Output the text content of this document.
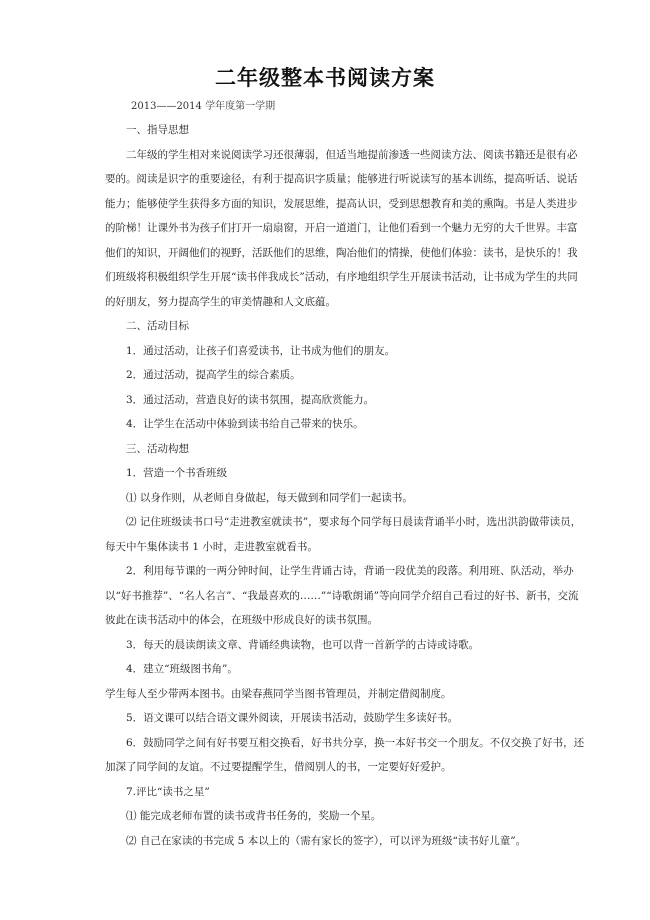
二年级整本书阅读方案
2013——2014 学年度第一学期

一、指导思想

二年级的学生相对来说阅读学习还很薄弱，但适当地提前渗透一些阅读方法、阅读书籍还是很有必要的。阅读是识字的重要途径，有利于提高识字质量；能够进行听说读写的基本训练，提高听话、说话能力；能够使学生获得多方面的知识，发展思维，提高认识，受到思想教育和美的熏陶。书是人类进步的阶梯！让课外书为孩子们打开一扇扇窗，开启一道道门，让他们看到一个魅力无穷的大千世界。丰富他们的知识，开阔他们的视野，活跃他们的思维，陶冶他们的情操，使他们体验：读书，是快乐的！我们班级将积极组织学生开展“读书伴我成长”活动，有序地组织学生开展读书活动，让书成为学生的共同的好朋友，努力提高学生的审美情趣和人文底蕴。

二、活动目标

1．通过活动，让孩子们喜爱读书，让书成为他们的朋友。

2．通过活动，提高学生的综合素质。

3．通过活动，营造良好的读书氛围，提高欣赏能力。

4．让学生在活动中体验到读书给自己带来的快乐。

三、活动构想

1．营造一个书香班级

⑴ 以身作则，从老师自身做起，每天做到和同学们一起读书。

⑵ 记住班级读书口号“走进教室就读书”，要求每个同学每日晨读背诵半小时，选出洪韵做带读员，每天中午集体读书 1 小时，走进教室就看书。

2．利用每节课的一两分钟时间，让学生背诵古诗，背诵一段优美的段落。利用班、队活动，举办以“好书推荐”、“名人名言”、“我最喜欢的……”“诗歌朗诵”等向同学介绍自己看过的好书、新书，交流彼此在读书活动中的体会，在班级中形成良好的读书氛围。

3．每天的晨读朗读文章、背诵经典读物，也可以背一首新学的古诗或诗歌。

4．建立“班级图书角”。

学生每人至少带两本图书。由梁春燕同学当图书管理员，并制定借阅制度。

5．语文课可以结合语文课外阅读，开展读书活动，鼓励学生多读好书。

6．鼓励同学之间有好书要互相交换看，好书共分享，换一本好书交一个朋友。不仅交换了好书，还加深了同学间的友谊。不过要提醒学生，借阅别人的书，一定要好好爱护。

7.评比“读书之星”

⑴ 能完成老师布置的读书或背书任务的，奖励一个星。

⑵ 自己在家读的书完成 5 本以上的（需有家长的签字），可以评为班级“读书好儿童”。
